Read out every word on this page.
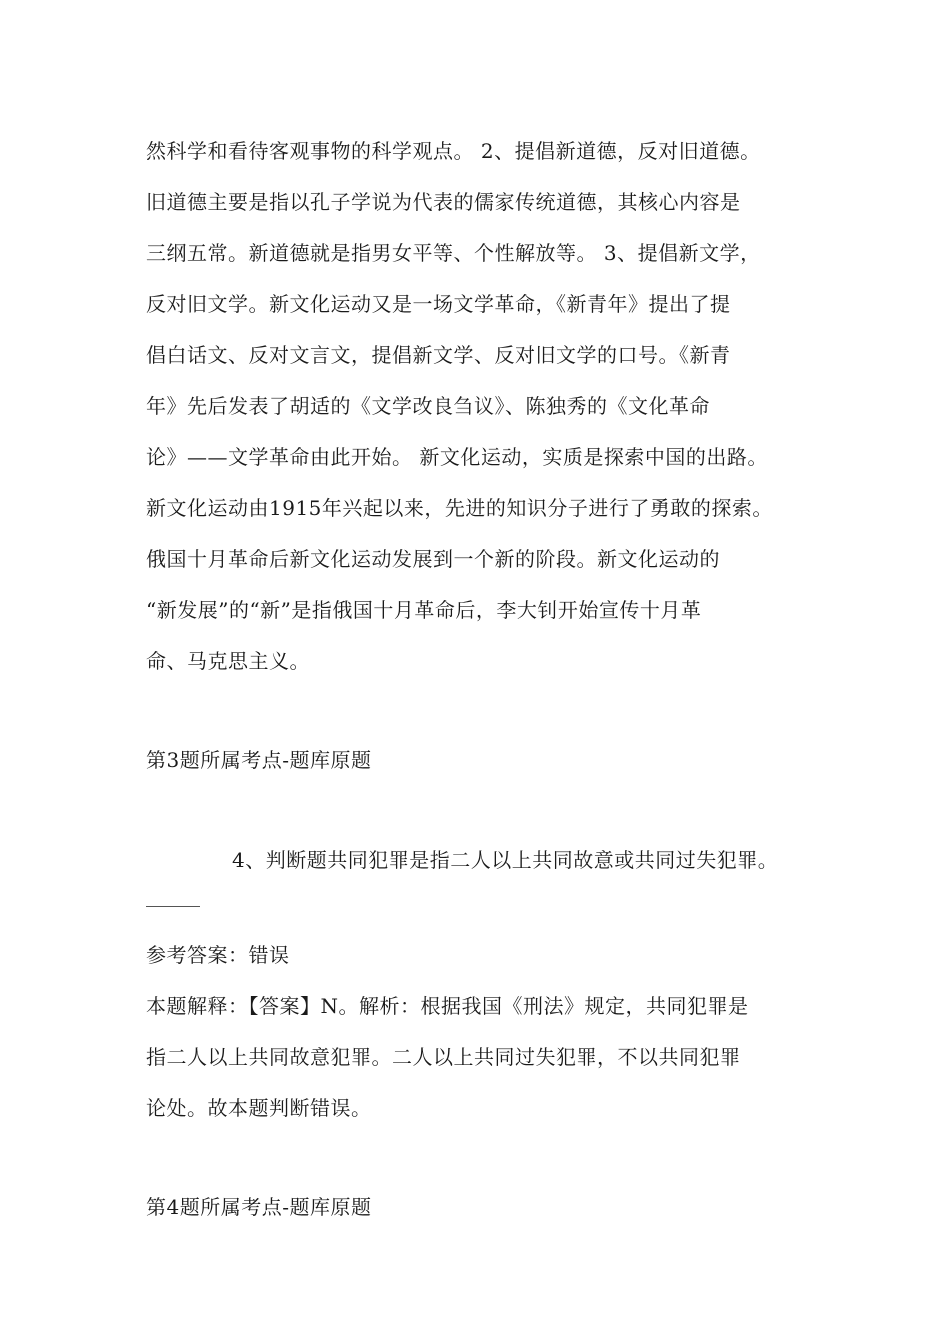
然科学和看待客观事物的科学观点。 2、提倡新道德，反对旧道德。
旧道德主要是指以孔子学说为代表的儒家传统道德，其核心内容是
三纲五常。新道德就是指男女平等、个性解放等。 3、提倡新文学，
反对旧文学。新文化运动又是一场文学革命，《新青年》提出了提
倡白话文、反对文言文，提倡新文学、反对旧文学的口号。《新青
年》先后发表了胡适的《文学改良刍议》、陈独秀的《文化革命
论》——文学革命由此开始。 新文化运动，实质是探索中国的出路。
新文化运动由1915年兴起以来，先进的知识分子进行了勇敢的探索。
俄国十月革命后新文化运动发展到一个新的阶段。新文化运动的
“新发展”的“新”是指俄国十月革命后，李大钊开始宣传十月革
命、马克思主义。
第3题所属考点-题库原题
4、判断题共同犯罪是指二人以上共同故意或共同过失犯罪。
参考答案：错误
本题解释：【答案】N。解析：根据我国《刑法》规定，共同犯罪是
指二人以上共同故意犯罪。二人以上共同过失犯罪，不以共同犯罪
论处。故本题判断错误。
第4题所属考点-题库原题
